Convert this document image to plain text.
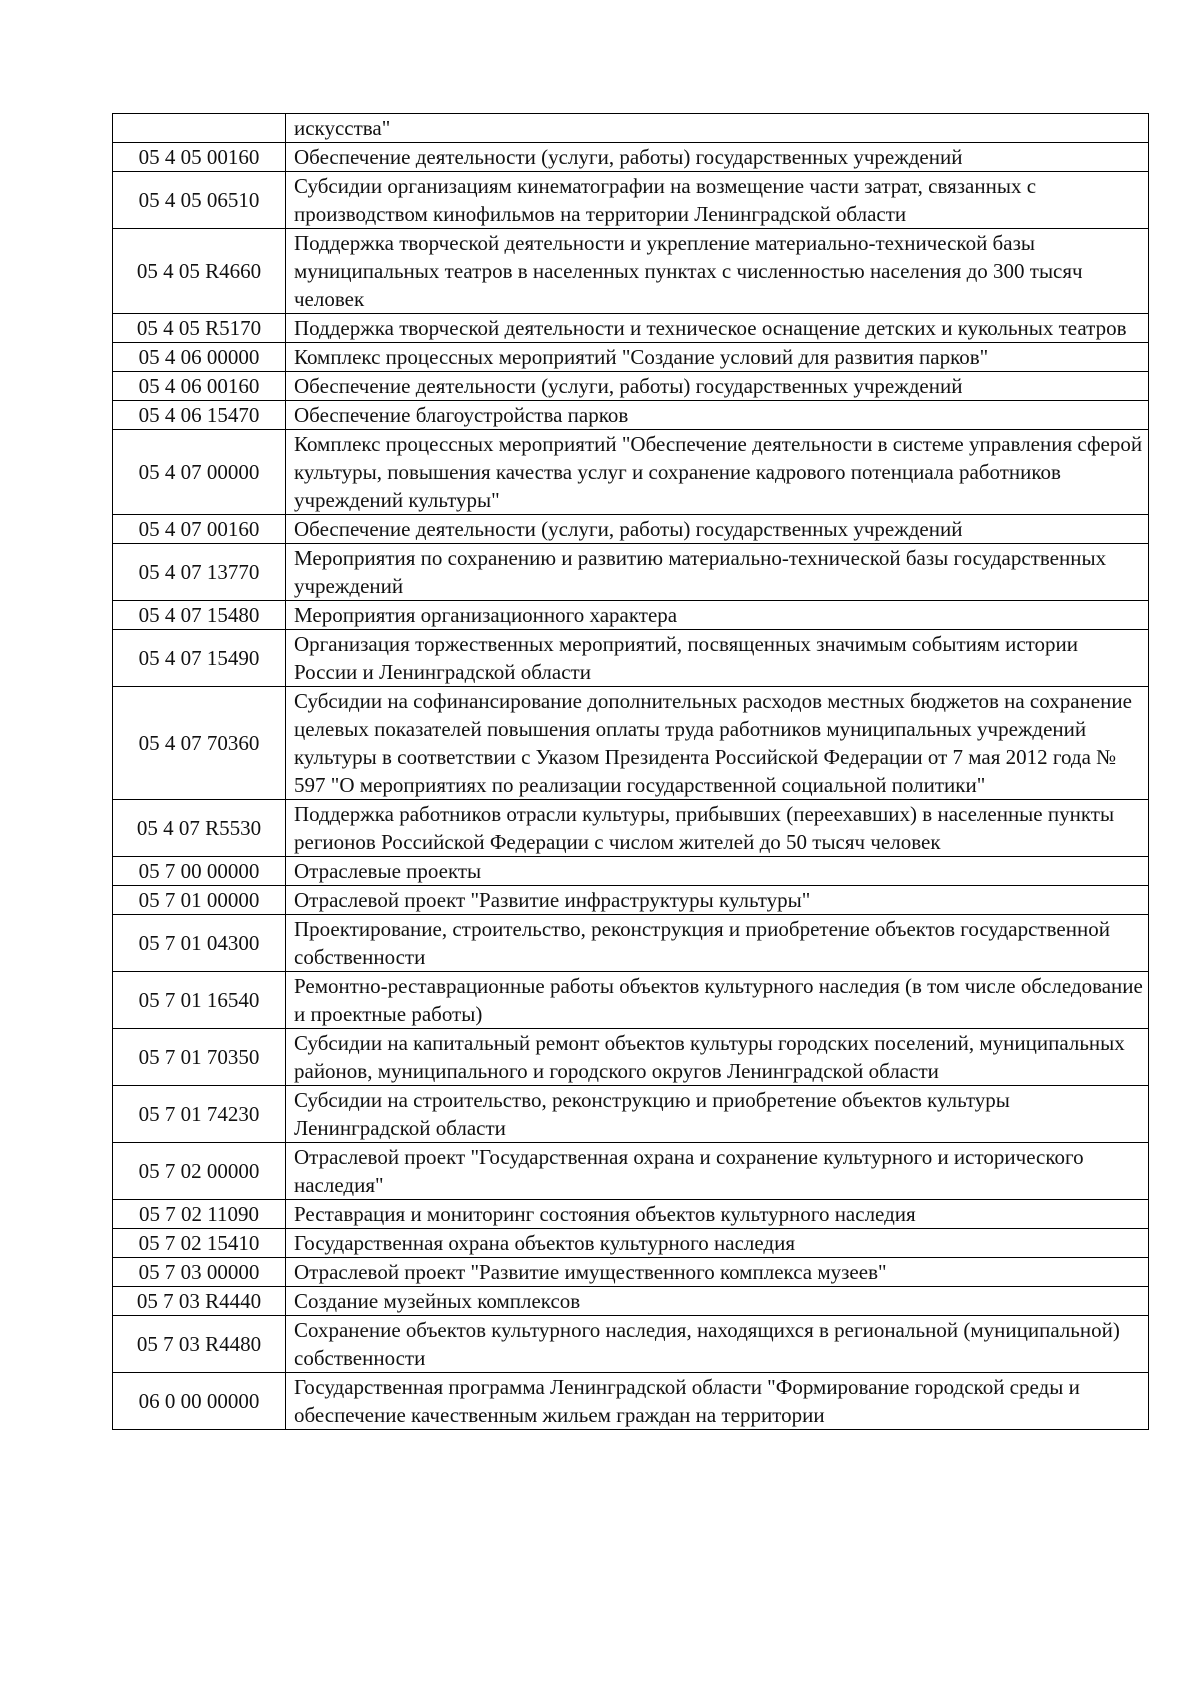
	искусства"
05 4 05 00160	Обеспечение деятельности (услуги, работы) государственных учреждений
05 4 05 06510	Субсидии организациям кинематографии на возмещение части затрат, связанных с производством кинофильмов на территории Ленинградской области
05 4 05 R4660	Поддержка творческой деятельности и укрепление материально-технической базы муниципальных театров в населенных пунктах с численностью населения до 300 тысяч человек
05 4 05 R5170	Поддержка творческой деятельности и техническое оснащение детских и кукольных театров
05 4 06 00000	Комплекс процессных мероприятий "Создание условий для развития парков"
05 4 06 00160	Обеспечение деятельности (услуги, работы) государственных учреждений
05 4 06 15470	Обеспечение благоустройства парков
05 4 07 00000	Комплекс процессных мероприятий "Обеспечение деятельности в системе управления сферой культуры, повышения качества услуг и сохранение кадрового потенциала работников учреждений культуры"
05 4 07 00160	Обеспечение деятельности (услуги, работы) государственных учреждений
05 4 07 13770	Мероприятия по сохранению и развитию материально-технической базы государственных учреждений
05 4 07 15480	Мероприятия организационного характера
05 4 07 15490	Организация торжественных мероприятий, посвященных значимым событиям истории России и Ленинградской области
05 4 07 70360	Субсидии на софинансирование дополнительных расходов местных бюджетов на сохранение целевых показателей повышения оплаты труда работников муниципальных учреждений культуры в соответствии с Указом Президента Российской Федерации от 7 мая 2012 года № 597 "О мероприятиях по реализации государственной социальной политики"
05 4 07 R5530	Поддержка работников отрасли культуры, прибывших (переехавших) в населенные пункты регионов Российской Федерации с числом жителей до 50 тысяч человек
05 7 00 00000	Отраслевые проекты
05 7 01 00000	Отраслевой проект "Развитие инфраструктуры культуры"
05 7 01 04300	Проектирование, строительство, реконструкция и приобретение объектов государственной собственности
05 7 01 16540	Ремонтно-реставрационные работы объектов культурного наследия (в том числе обследование и проектные работы)
05 7 01 70350	Субсидии на капитальный ремонт объектов культуры городских поселений, муниципальных районов, муниципального и городского округов Ленинградской области
05 7 01 74230	Субсидии на строительство, реконструкцию и приобретение объектов культуры Ленинградской области
05 7 02 00000	Отраслевой проект "Государственная охрана и сохранение культурного и исторического наследия"
05 7 02 11090	Реставрация и мониторинг состояния объектов культурного наследия
05 7 02 15410	Государственная охрана объектов культурного наследия
05 7 03 00000	Отраслевой проект "Развитие имущественного комплекса музеев"
05 7 03 R4440	Создание музейных комплексов
05 7 03 R4480	Сохранение объектов культурного наследия, находящихся в региональной (муниципальной) собственности
06 0 00 00000	Государственная программа Ленинградской области "Формирование городской среды и обеспечение качественным жильем граждан на территории
